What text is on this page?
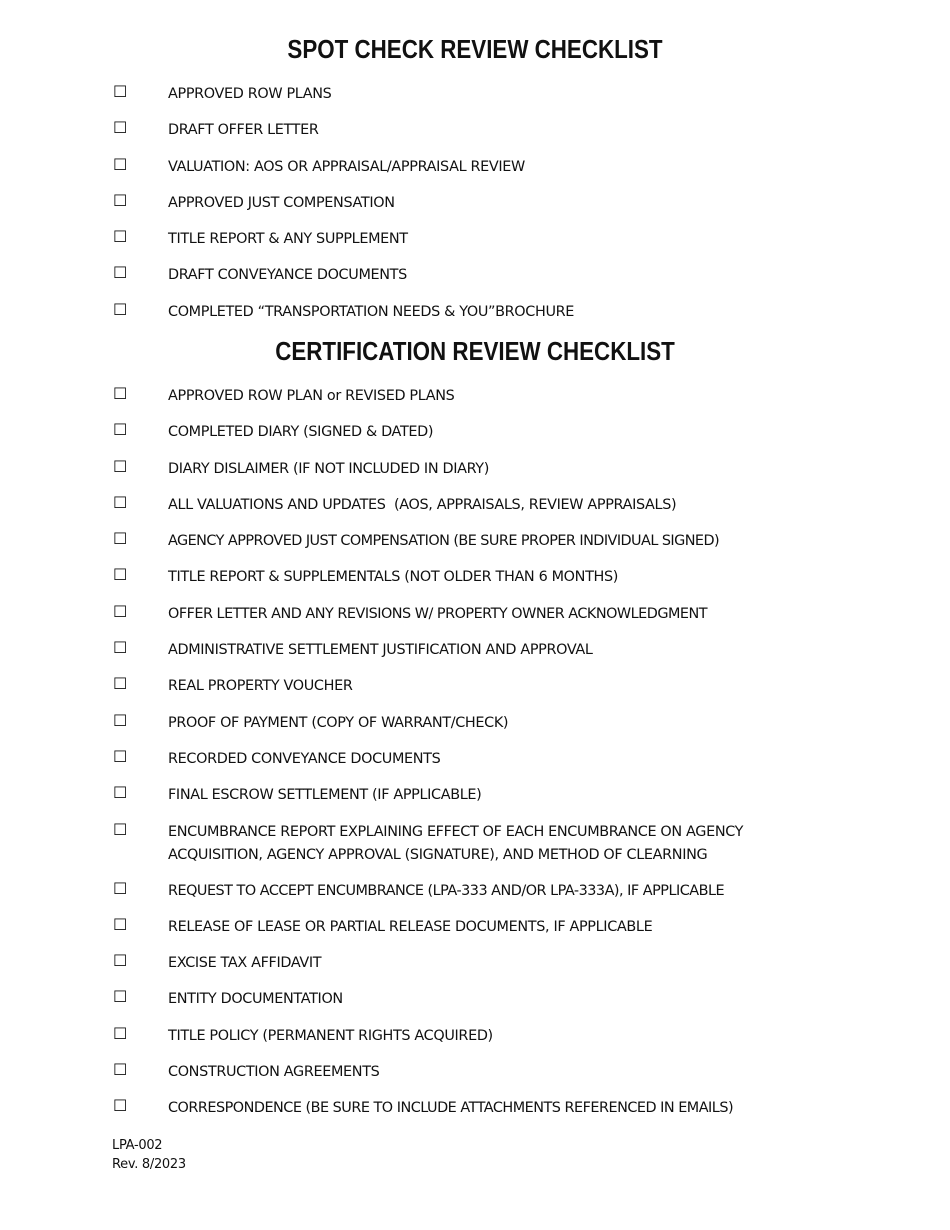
SPOT CHECK REVIEW CHECKLIST
☐	APPROVED ROW PLANS
☐	DRAFT OFFER LETTER
☐	VALUATION: AOS OR APPRAISAL/APPRAISAL REVIEW
☐	APPROVED JUST COMPENSATION
☐	TITLE REPORT & ANY SUPPLEMENT
☐	DRAFT CONVEYANCE DOCUMENTS
☐	COMPLETED “TRANSPORTATION NEEDS & YOU”BROCHURE
CERTIFICATION REVIEW CHECKLIST
☐	APPROVED ROW PLAN or REVISED PLANS
☐	COMPLETED DIARY (SIGNED & DATED)
☐	DIARY DISLAIMER (IF NOT INCLUDED IN DIARY)
☐	ALL VALUATIONS AND UPDATES  (AOS, APPRAISALS, REVIEW APPRAISALS)
☐	AGENCY APPROVED JUST COMPENSATION (BE SURE PROPER INDIVIDUAL SIGNED)
☐	TITLE REPORT & SUPPLEMENTALS (NOT OLDER THAN 6 MONTHS)
☐	OFFER LETTER AND ANY REVISIONS W/ PROPERTY OWNER ACKNOWLEDGMENT
☐	ADMINISTRATIVE SETTLEMENT JUSTIFICATION AND APPROVAL
☐	REAL PROPERTY VOUCHER
☐	PROOF OF PAYMENT (COPY OF WARRANT/CHECK)
☐	RECORDED CONVEYANCE DOCUMENTS
☐	FINAL ESCROW SETTLEMENT (IF APPLICABLE)
☐	ENCUMBRANCE REPORT EXPLAINING EFFECT OF EACH ENCUMBRANCE ON AGENCY ACQUISITION, AGENCY APPROVAL (SIGNATURE), AND METHOD OF CLEARNING
☐	REQUEST TO ACCEPT ENCUMBRANCE (LPA-333 AND/OR LPA-333A), IF APPLICABLE
☐	RELEASE OF LEASE OR PARTIAL RELEASE DOCUMENTS, IF APPLICABLE
☐	EXCISE TAX AFFIDAVIT
☐	ENTITY DOCUMENTATION
☐	TITLE POLICY (PERMANENT RIGHTS ACQUIRED)
☐	CONSTRUCTION AGREEMENTS
☐	CORRESPONDENCE (BE SURE TO INCLUDE ATTACHMENTS REFERENCED IN EMAILS)
LPA-002
Rev. 8/2023
